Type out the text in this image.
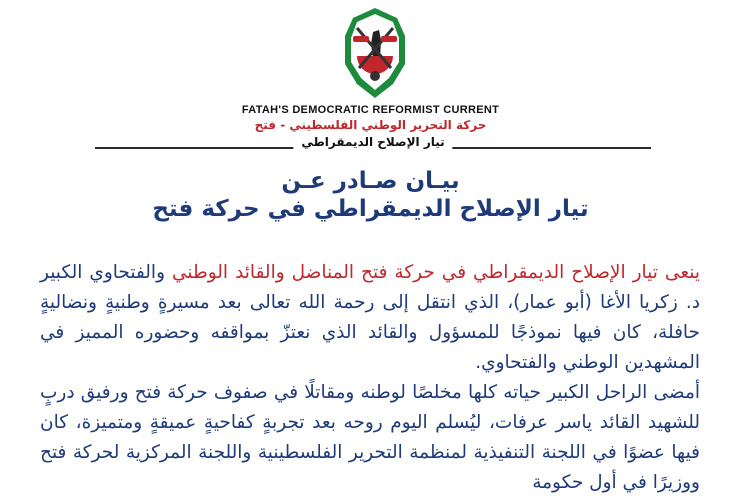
FATAH'S DEMOCRATIC REFORMIST CURRENT
حركة التحرير الوطني الفلسطيني - فتح
تيار الإصلاح الديمقراطي
بيـان صـادر عـن
تيار الإصلاح الديمقراطي في حركة فتح

ينعى تيار الإصلاح الديمقراطي في حركة فتح المناضل والقائد الوطني والفتحاوي الكبير د. زكريا الأغا (أبو عمار)، الذي انتقل إلى رحمة الله تعالى بعد مسيرةٍ وطنيةٍ ونضاليةٍ حافلة، كان فيها نموذجًا للمسؤول والقائد الذي نعتزّ بمواقفه وحضوره المميز في المشهدين الوطني والفتحاوي.

أمضى الراحل الكبير حياته كلها مخلصًا لوطنه ومقاتلًا في صفوف حركة فتح ورفيق دربٍ للشهيد القائد ياسر عرفات، ليُسلم اليوم روحه بعد تجربةٍ كفاحيةٍ عميقةٍ ومتميزة، كان فيها عضوًا في اللجنة التنفيذية لمنظمة التحرير الفلسطينية واللجنة المركزية لحركة فتح ووزيرًا في أول حكومة
